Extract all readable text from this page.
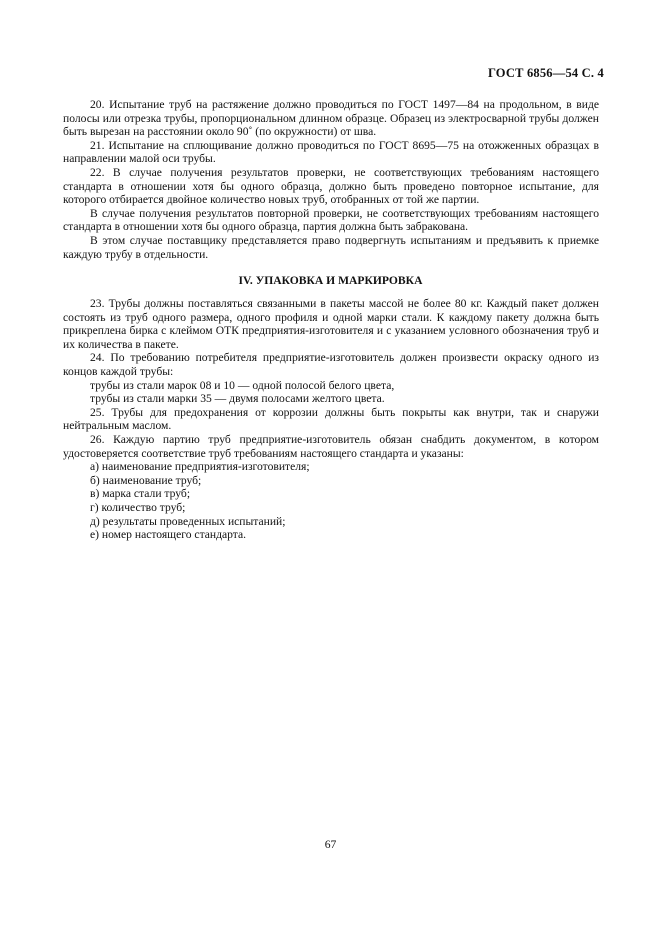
ГОСТ 6856—54 С. 4

20. Испытание труб на растяжение должно проводиться по ГОСТ 1497—84 на продольном, в виде полосы или отрезка трубы, пропорциональном длинном образце. Образец из электросварной трубы должен быть вырезан на расстоянии около 90˚ (по окружности) от шва.

21. Испытание на сплющивание должно проводиться по ГОСТ 8695—75 на отожженных образцах в направлении малой оси трубы.

22. В случае получения результатов проверки, не соответствующих требованиям настоящего стандарта в отношении хотя бы одного образца, должно быть проведено повторное испытание, для которого отбирается двойное количество новых труб, отобранных от той же партии.

В случае получения результатов повторной проверки, не соответствующих требованиям настоящего стандарта в отношении хотя бы одного образца, партия должна быть забракована.

В этом случае поставщику представляется право подвергнуть испытаниям и предъявить к приемке каждую трубу в отдельности.

IV. УПАКОВКА И МАРКИРОВКА

23. Трубы должны поставляться связанными в пакеты массой не более 80 кг. Каждый пакет должен состоять из труб одного размера, одного профиля и одной марки стали. К каждому пакету должна быть прикреплена бирка с клеймом ОТК предприятия-изготовителя и с указанием условного обозначения труб и их количества в пакете.

24. По требованию потребителя предприятие-изготовитель должен произвести окраску одного из концов каждой трубы:

трубы из стали марок 08 и 10 — одной полосой белого цвета,

трубы из стали марки 35 — двумя полосами желтого цвета.

25. Трубы для предохранения от коррозии должны быть покрыты как внутри, так и снаружи нейтральным маслом.

26. Каждую партию труб предприятие-изготовитель обязан снабдить документом, в котором удостоверяется соответствие труб требованиям настоящего стандарта и указаны:

а) наименование предприятия-изготовителя;
б) наименование труб;
в) марка стали труб;
г) количество труб;
д) результаты проведенных испытаний;
е) номер настоящего стандарта.
67
